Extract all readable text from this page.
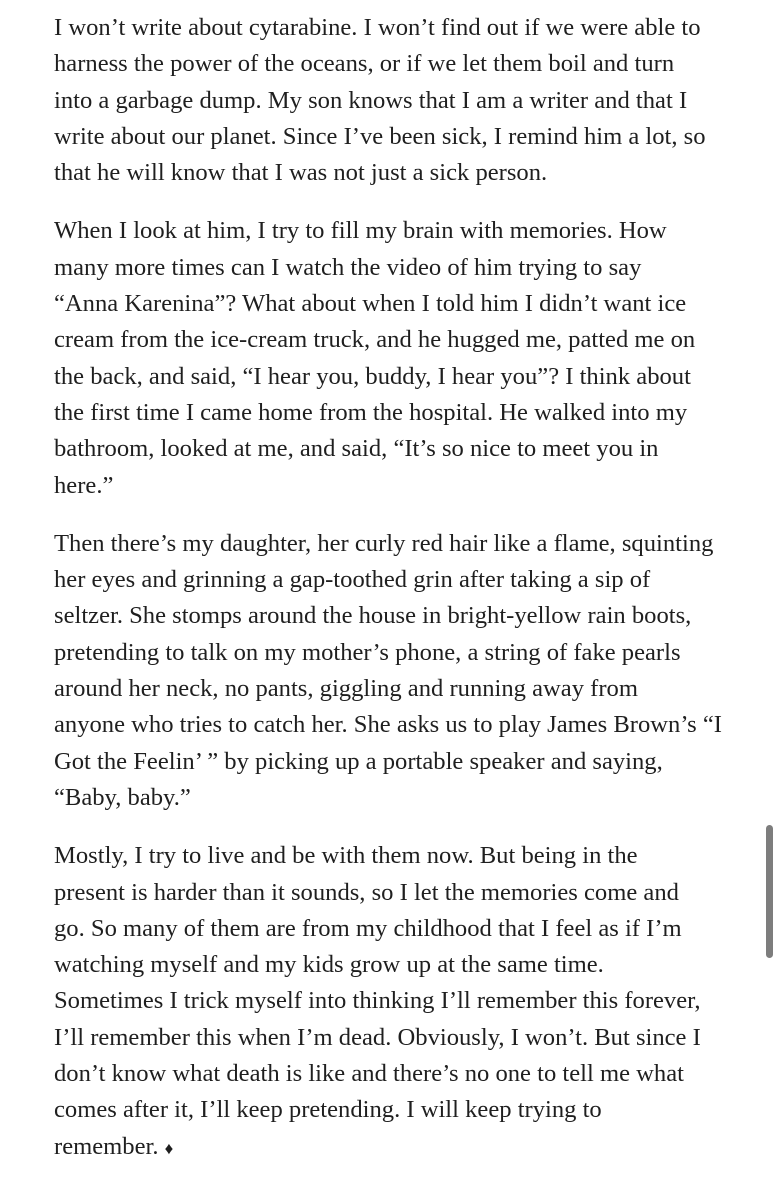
I won’t write about cytarabine. I won’t find out if we were able to
harness the power of the oceans, or if we let them boil and turn
into a garbage dump. My son knows that I am a writer and that I
write about our planet. Since I’ve been sick, I remind him a lot, so
that he will know that I was not just a sick person.

When I look at him, I try to fill my brain with memories. How
many more times can I watch the video of him trying to say
“Anna Karenina”? What about when I told him I didn’t want ice
cream from the ice-cream truck, and he hugged me, patted me on
the back, and said, “I hear you, buddy, I hear you”? I think about
the first time I came home from the hospital. He walked into my
bathroom, looked at me, and said, “It’s so nice to meet you in
here.”

Then there’s my daughter, her curly red hair like a flame, squinting
her eyes and grinning a gap-toothed grin after taking a sip of
seltzer. She stomps around the house in bright-yellow rain boots,
pretending to talk on my mother’s phone, a string of fake pearls
around her neck, no pants, giggling and running away from
anyone who tries to catch her. She asks us to play James Brown’s “I
Got the Feelin’ ” by picking up a portable speaker and saying,
“Baby, baby.”

Mostly, I try to live and be with them now. But being in the
present is harder than it sounds, so I let the memories come and
go. So many of them are from my childhood that I feel as if I’m
watching myself and my kids grow up at the same time.
Sometimes I trick myself into thinking I’ll remember this forever,
I’ll remember this when I’m dead. Obviously, I won’t. But since I
don’t know what death is like and there’s no one to tell me what
comes after it, I’ll keep pretending. I will keep trying to
remember. ♦
